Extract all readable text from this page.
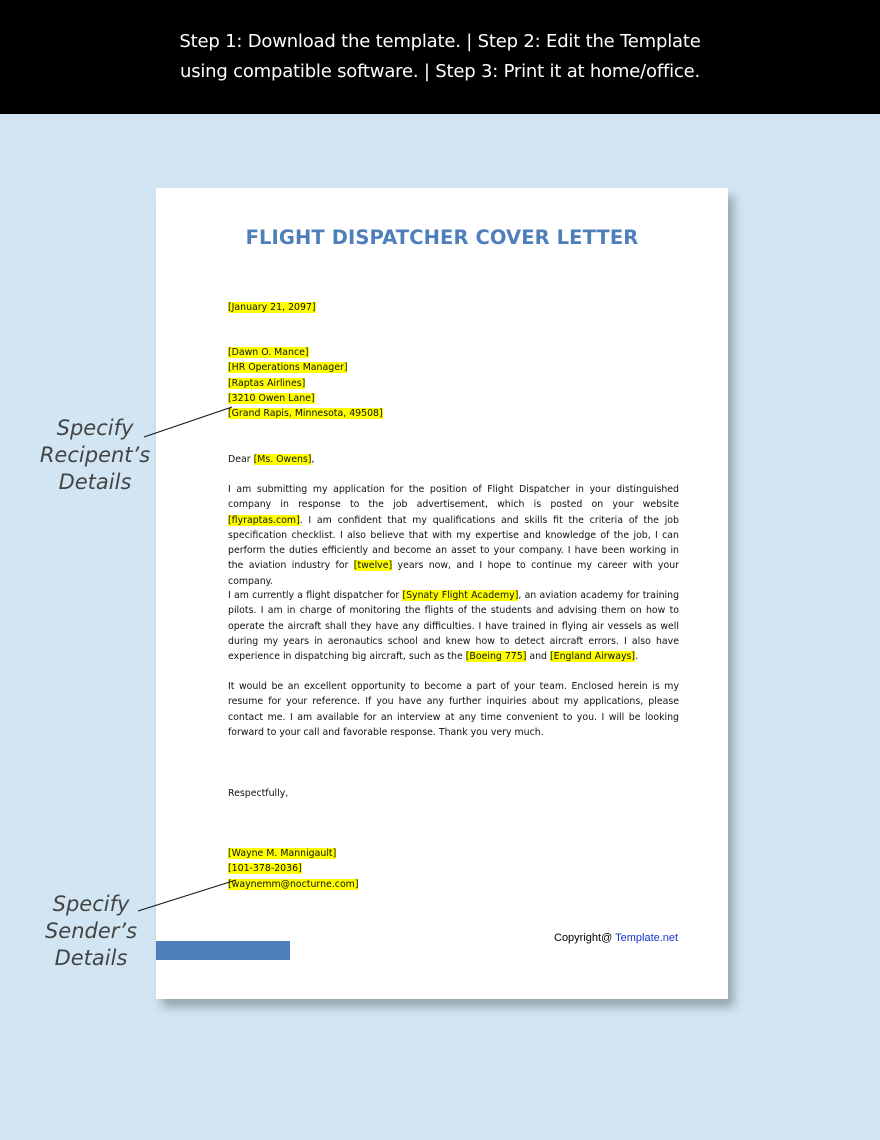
Step 1: Download the template. | Step 2: Edit the Template
using compatible software. | Step 3: Print it at home/office.
FLIGHT DISPATCHER COVER LETTER
[January 21, 2097]
[Dawn O. Mance]
[HR Operations Manager]
[Raptas Airlines]
[3210 Owen Lane]
[Grand Rapis, Minnesota, 49508]
Dear [Ms. Owens],

I am submitting my application for the position of Flight Dispatcher in your distinguished company in response to the job advertisement, which is posted on your website [flyraptas.com]. I am confident that my qualifications and skills fit the criteria of the job specification checklist. I also believe that with my expertise and knowledge of the job, I can perform the duties efficiently and become an asset to your company. I have been working in the aviation industry for [twelve] years now, and I hope to continue my career with your company.

I am currently a flight dispatcher for [Synaty Flight Academy], an aviation academy for training pilots. I am in charge of monitoring the flights of the students and advising them on how to operate the aircraft shall they have any difficulties. I have trained in flying air vessels as well during my years in aeronautics school and knew how to detect aircraft errors. I also have experience in dispatching big aircraft, such as the [Boeing 775] and [England Airways].

It would be an excellent opportunity to become a part of your team. Enclosed herein is my resume for your reference. If you have any further inquiries about my applications, please contact me. I am available for an interview at any time convenient to you. I will be looking forward to your call and favorable response. Thank you very much.

Respectfully,
[Wayne M. Mannigault]
[101-378-2036]
[waynemm@nocturne.com]
Copyright@ Template.net
Specify
Recipent’s
Details
Specify
Sender’s
Details
